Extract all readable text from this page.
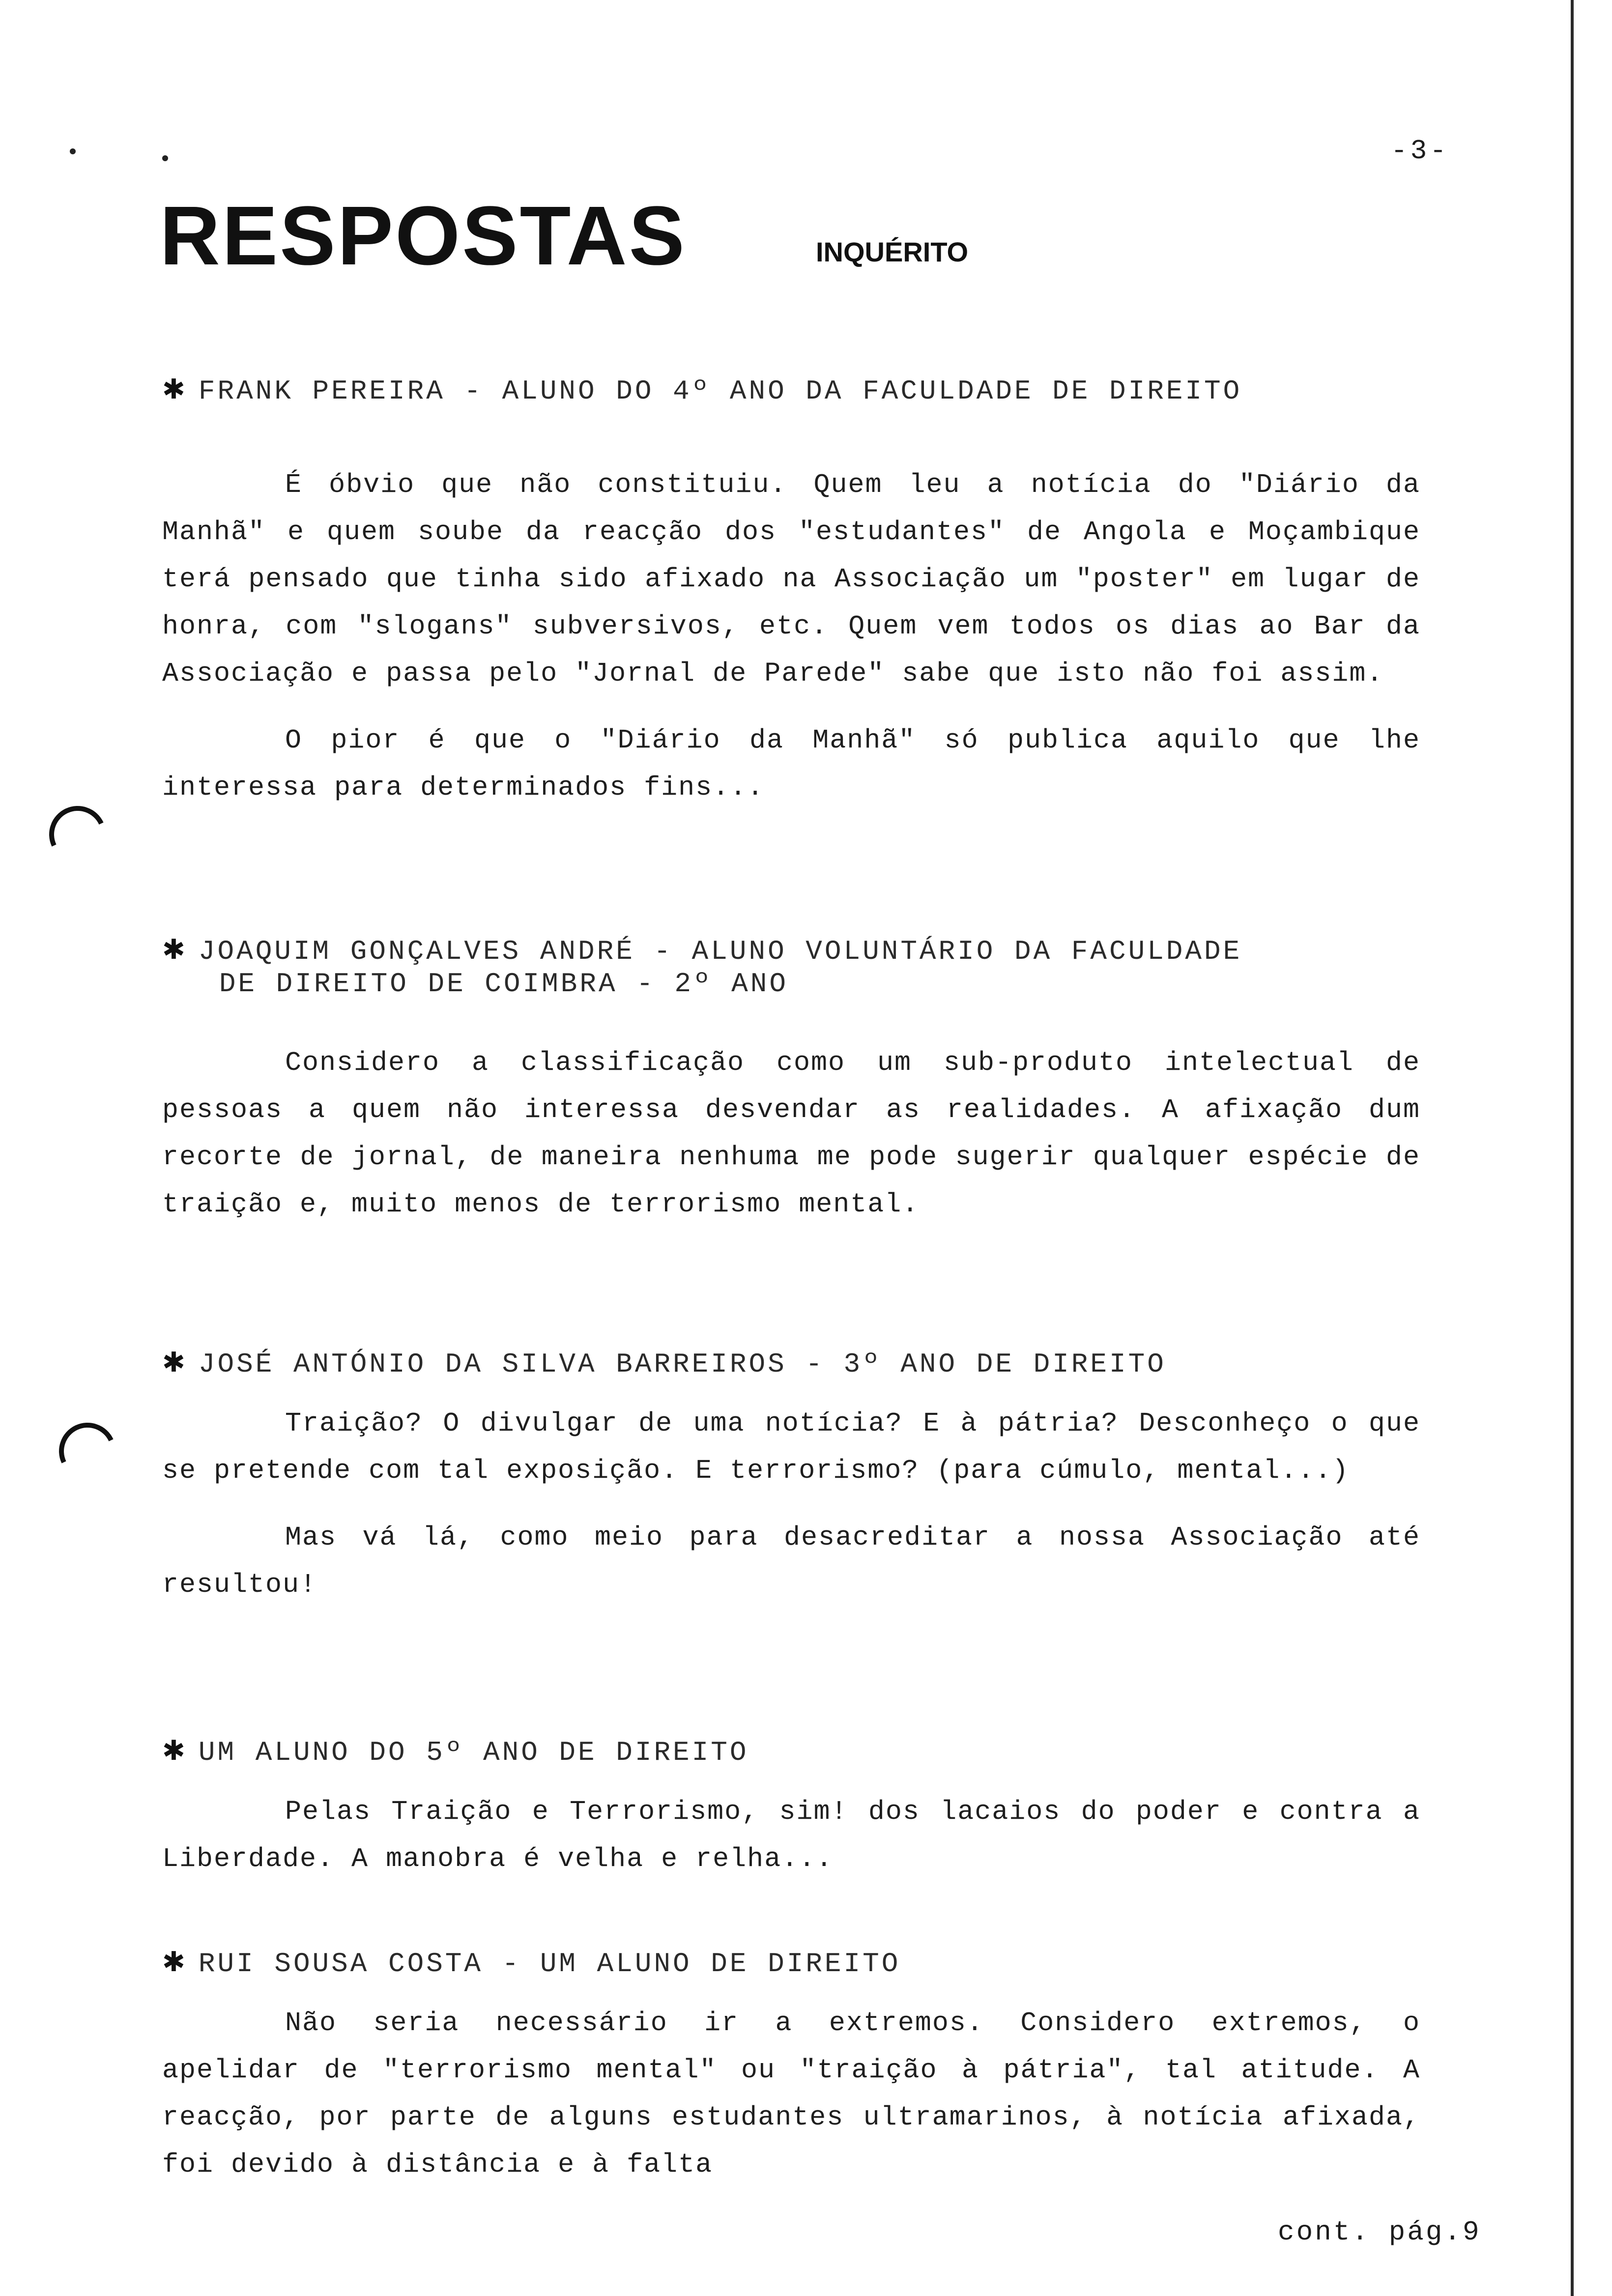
-3-
RESPOSTAS	INQUÉRITO

✱ FRANK PEREIRA - ALUNO DO 4º ANO DA FACULDADE DE DIREITO

É óbvio que não constituiu. Quem leu a notícia do "Diário da Manhã" e quem soube da reacção dos "estudantes" de Angola e Moçambique terá pensado que tinha sido afixado na Associação um "poster" em lugar de honra, com "slogans" subversivos, etc. Quem vem todos os dias ao Bar da Associação e passa pelo "Jornal de Parede" sabe que isto não foi assim.

O pior é que o "Diário da Manhã" só publica aquilo que lhe interessa para determinados fins...

✱ JOAQUIM GONÇALVES ANDRÉ - ALUNO VOLUNTÁRIO DA FACULDADE
DE DIREITO DE COIMBRA - 2º ANO

Considero a classificação como um sub-produto intelectual de pessoas a quem não interessa desvendar as realidades. A afixação dum recorte de jornal, de maneira nenhuma me pode sugerir qualquer espécie de traição e, muito menos de terrorismo mental.

✱ JOSÉ ANTÓNIO DA SILVA BARREIROS - 3º ANO DE DIREITO

Traição? O divulgar de uma notícia? E à pátria? Desconheço o que se pretende com tal exposição. E terrorismo? (para cúmulo, mental...)

Mas vá lá, como meio para desacreditar a nossa Associação até resultou!

✱ UM ALUNO DO 5º ANO DE DIREITO

Pelas Traição e Terrorismo, sim! dos lacaios do poder e contra a Liberdade. A manobra é velha e relha...

✱ RUI SOUSA COSTA - UM ALUNO DE DIREITO

Não seria necessário ir a extremos. Considero extremos, o apelidar de "terrorismo mental" ou "traição à pátria", tal atitude. A reacção, por parte de alguns estudantes ultramarinos, à notícia afixada, foi devido à distância e à falta

cont. pág.9
